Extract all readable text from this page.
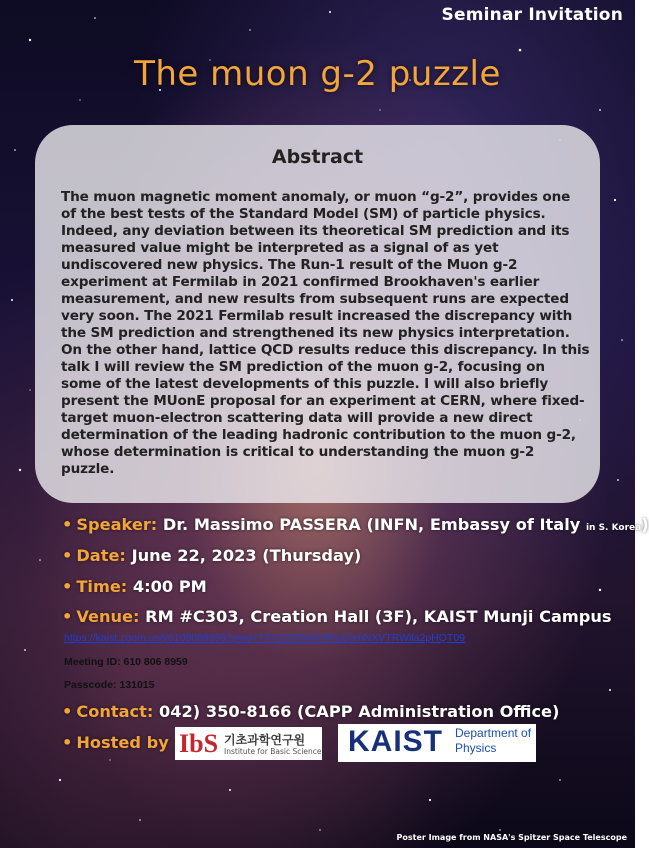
Seminar Invitation
The muon g-2 puzzle
Abstract
The muon magnetic moment anomaly, or muon “g-2”, provides one
of the best tests of the Standard Model (SM) of particle physics.
Indeed, any deviation between its theoretical SM prediction and its
measured value might be interpreted as a signal of as yet
undiscovered new physics. The Run-1 result of the Muon g-2
experiment at Fermilab in 2021 confirmed Brookhaven's earlier
measurement, and new results from subsequent runs are expected
very soon. The 2021 Fermilab result increased the discrepancy with
the SM prediction and strengthened its new physics interpretation.
On the other hand, lattice QCD results reduce this discrepancy. In this
talk I will review the SM prediction of the muon g-2, focusing on
some of the latest developments of this puzzle. I will also briefly
present the MUonE proposal for an experiment at CERN, where fixed-
target muon-electron scattering data will provide a new direct
determination of the leading hadronic contribution to the muon g-2,
whose determination is critical to understanding the muon g-2 puzzle.
• Speaker: Dr. Massimo PASSERA (INFN, Embassy of Italy in S. Korea)
• Date: June 22, 2023 (Thursday)
• Time: 4:00 PM
• Venue: RM #C303, Creation Hall (3F), KAIST Munji Campus
https://kaist.zoom.us/j/6108068959?pwd=TXV2OGlWdVRtcGhmNXVTRWlla2pHQT09
Meeting ID: 610 806 8959
Passcode: 131015
• Contact: 042) 350-8166 (CAPP Administration Office)
• Hosted by IbS 기초과학연구원
Institute for Basic Science KAIST Department of
Physics
Poster Image from NASA's Spitzer Space Telescope
